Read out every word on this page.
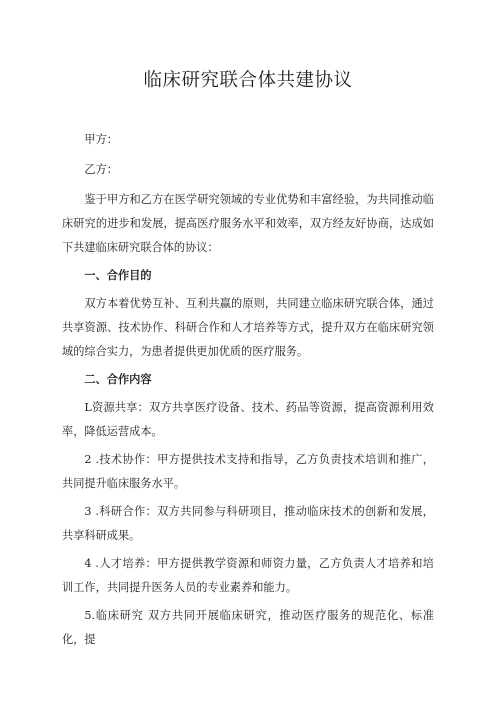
临床研究联合体共建协议

甲方：

乙方：

鉴于甲方和乙方在医学研究领域的专业优势和丰富经验，为共同推动临床研究的进步和发展，提高医疗服务水平和效率，双方经友好协商，达成如下共建临床研究联合体的协议：

一、合作目的

双方本着优势互补、互利共赢的原则，共同建立临床研究联合体，通过共享资源、技术协作、科研合作和人才培养等方式，提升双方在临床研究领域的综合实力，为患者提供更加优质的医疗服务。

二、合作内容

L资源共享：双方共享医疗设备、技术、药品等资源，提高资源利用效率，降低运营成本。

2 .技术协作：甲方提供技术支持和指导，乙方负责技术培训和推广，共同提升临床服务水平。

3 .科研合作：双方共同参与科研项目，推动临床技术的创新和发展，共享科研成果。

4 .人才培养：甲方提供教学资源和师资力量，乙方负责人才培养和培训工作，共同提升医务人员的专业素养和能力。

5.临床研究 双方共同开展临床研究，推动医疗服务的规范化、标准化，提
